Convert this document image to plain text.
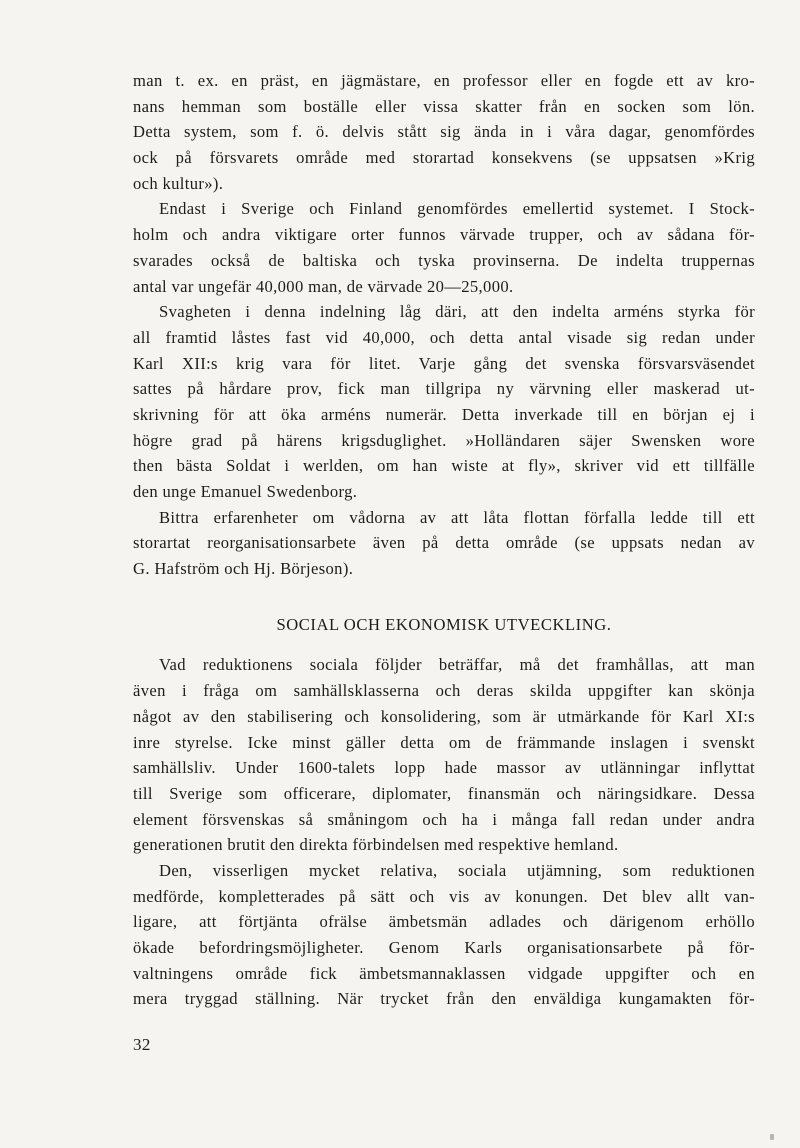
man t. ex. en präst, en jägmästare, en professor eller en fogde ett av kro-
nans hemman som boställe eller vissa skatter från en socken som lön.
Detta system, som f. ö. delvis stått sig ända in i våra dagar, genomfördes
ock på försvarets område med storartad konsekvens (se uppsatsen »Krig
och kultur»).

Endast i Sverige och Finland genomfördes emellertid systemet. I Stock-
holm och andra viktigare orter funnos värvade trupper, och av sådana för-
svarades också de baltiska och tyska provinserna. De indelta truppernas
antal var ungefär 40,000 man, de värvade 20—25,000.

Svagheten i denna indelning låg däri, att den indelta arméns styrka för
all framtid låstes fast vid 40,000, och detta antal visade sig redan under
Karl XII:s krig vara för litet. Varje gång det svenska försvarsväsendet
sattes på hårdare prov, fick man tillgripa ny värvning eller maskerad ut-
skrivning för att öka arméns numerär. Detta inverkade till en början ej i
högre grad på härens krigsduglighet. »Holländaren säjer Swensken wore
then bästa Soldat i werlden, om han wiste at fly», skriver vid ett tillfälle
den unge Emanuel Swedenborg.

Bittra erfarenheter om vådorna av att låta flottan förfalla ledde till ett
storartat reorganisationsarbete även på detta område (se uppsats nedan av
G. Hafström och Hj. Börjeson).

SOCIAL OCH EKONOMISK UTVECKLING.

Vad reduktionens sociala följder beträffar, må det framhållas, att man
även i fråga om samhällsklasserna och deras skilda uppgifter kan skönja
något av den stabilisering och konsolidering, som är utmärkande för Karl XI:s
inre styrelse. Icke minst gäller detta om de främmande inslagen i svenskt
samhällsliv. Under 1600-talets lopp hade massor av utlänningar inflyttat
till Sverige som officerare, diplomater, finansmän och näringsidkare. Dessa
element försvenskas så småningom och ha i många fall redan under andra
generationen brutit den direkta förbindelsen med respektive hemland.

Den, visserligen mycket relativa, sociala utjämning, som reduktionen
medförde, kompletterades på sätt och vis av konungen. Det blev allt van-
ligare, att förtjänta ofrälse ämbetsmän adlades och därigenom erhöllo
ökade befordringsmöjligheter. Genom Karls organisationsarbete på för-
valtningens område fick ämbetsmannaklassen vidgade uppgifter och en
mera tryggad ställning. När trycket från den enväldiga kungamakten för-

32
